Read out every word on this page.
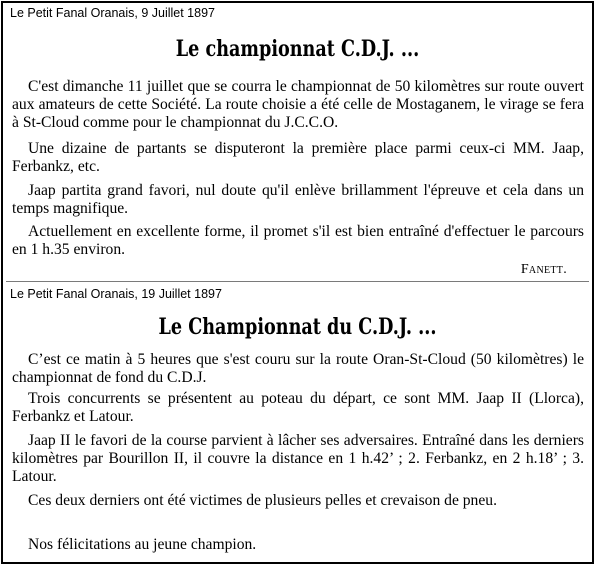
Le Petit Fanal Oranais, 9 Juillet 1897
Le championnat C.D.J. ...
C'est dimanche 11 juillet que se courra le championnat de 50 kilomètres sur route ouvert aux amateurs de cette Société. La route choisie a été celle de Mostaganem, le virage se fera à St-Cloud comme pour le championnat du J.C.C.O.
Une dizaine de partants se disputeront la première place parmi ceux-ci MM. Jaap, Ferbankz, etc.
Jaap partita grand favori, nul doute qu'il enlève brillamment l'épreuve et cela dans un temps magnifique.
Actuellement en excellente forme, il promet s'il est bien entraîné d'effectuer le parcours en 1 h.35 environ.
Fanett.
Le Petit Fanal Oranais, 19 Juillet 1897
Le Championnat du C.D.J. ...
C’est ce matin à 5 heures que s'est couru sur la route Oran-St-Cloud (50 kilomètres) le championnat de fond du C.D.J.
Trois concurrents se présentent au poteau du départ, ce sont MM. Jaap II (Llorca), Ferbankz et Latour.
Jaap II le favori de la course parvient à lâcher ses adversaires. Entraîné dans les derniers kilomètres par Bourillon II, il couvre la distance en 1 h.42’ ; 2. Ferbankz, en 2 h.18’ ; 3. Latour.
Ces deux derniers ont été victimes de plusieurs pelles et crevaison de pneu.
Nos félicitations au jeune champion.
